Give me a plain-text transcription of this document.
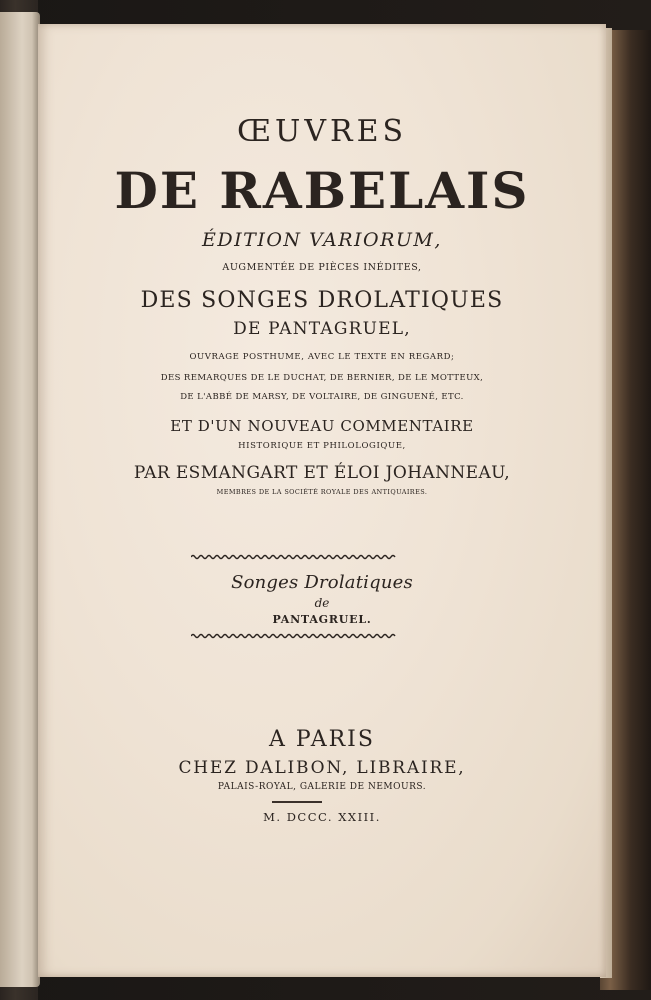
ŒUVRES
DE RABELAIS
ÉDITION VARIORUM,
AUGMENTÉE DE PIÈCES INÉDITES,
DES SONGES DROLATIQUES
DE PANTAGRUEL,
OUVRAGE POSTHUME, AVEC LE TEXTE EN REGARD;
DES REMARQUES DE LE DUCHAT, DE BERNIER, DE LE MOTTEUX,
DE L'ABBÉ DE MARSY, DE VOLTAIRE, DE GINGUENÉ, ETC.
ET D'UN NOUVEAU COMMENTAIRE
HISTORIQUE ET PHILOLOGIQUE,
PAR ESMANGART ET ÉLOI JOHANNEAU,
MEMBRES DE LA SOCIÉTÉ ROYALE DES ANTIQUAIRES.
Songes Drolatiques
de
PANTAGRUEL.
A PARIS
CHEZ DALIBON, LIBRAIRE,
PALAIS-ROYAL, GALERIE DE NEMOURS.
M. DCCC. XXIII.
